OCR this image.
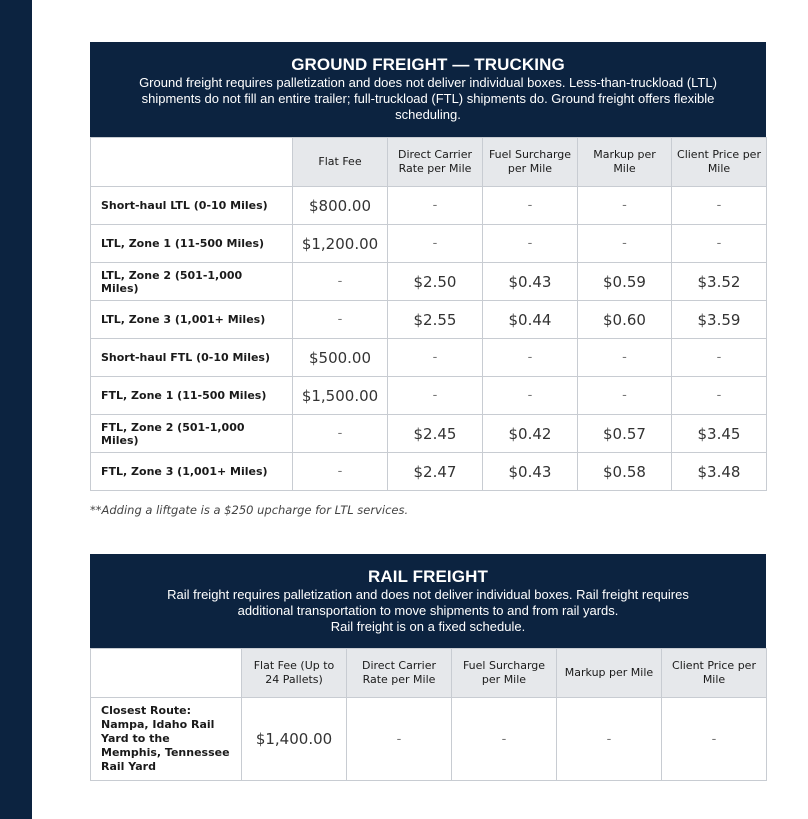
GROUND FREIGHT — TRUCKING
Ground freight requires palletization and does not deliver individual boxes. Less-than-truckload (LTL) shipments do not fill an entire trailer; full-truckload (FTL) shipments do. Ground freight offers flexible scheduling.
	Flat Fee	Direct Carrier Rate per Mile	Fuel Surcharge per Mile	Markup per Mile	Client Price per Mile
Short-haul LTL (0-10 Miles)	$800.00	-	-	-	-
LTL, Zone 1 (11-500 Miles)	$1,200.00	-	-	-	-
LTL, Zone 2 (501-1,000 Miles)	-	$2.50	$0.43	$0.59	$3.52
LTL, Zone 3 (1,001+ Miles)	-	$2.55	$0.44	$0.60	$3.59
Short-haul FTL (0-10 Miles)	$500.00	-	-	-	-
FTL, Zone 1 (11-500 Miles)	$1,500.00	-	-	-	-
FTL, Zone 2 (501-1,000 Miles)	-	$2.45	$0.42	$0.57	$3.45
FTL, Zone 3 (1,001+ Miles)	-	$2.47	$0.43	$0.58	$3.48
**Adding a liftgate is a $250 upcharge for LTL services.
RAIL FREIGHT
Rail freight requires palletization and does not deliver individual boxes. Rail freight requires
additional transportation to move shipments to and from rail yards.
Rail freight is on a fixed schedule.
	Flat Fee (Up to 24 Pallets)	Direct Carrier Rate per Mile	Fuel Surcharge per Mile	Markup per Mile	Client Price per Mile
Closest Route: Nampa, Idaho Rail Yard to the Memphis, Tennessee Rail Yard	$1,400.00	-	-	-	-
